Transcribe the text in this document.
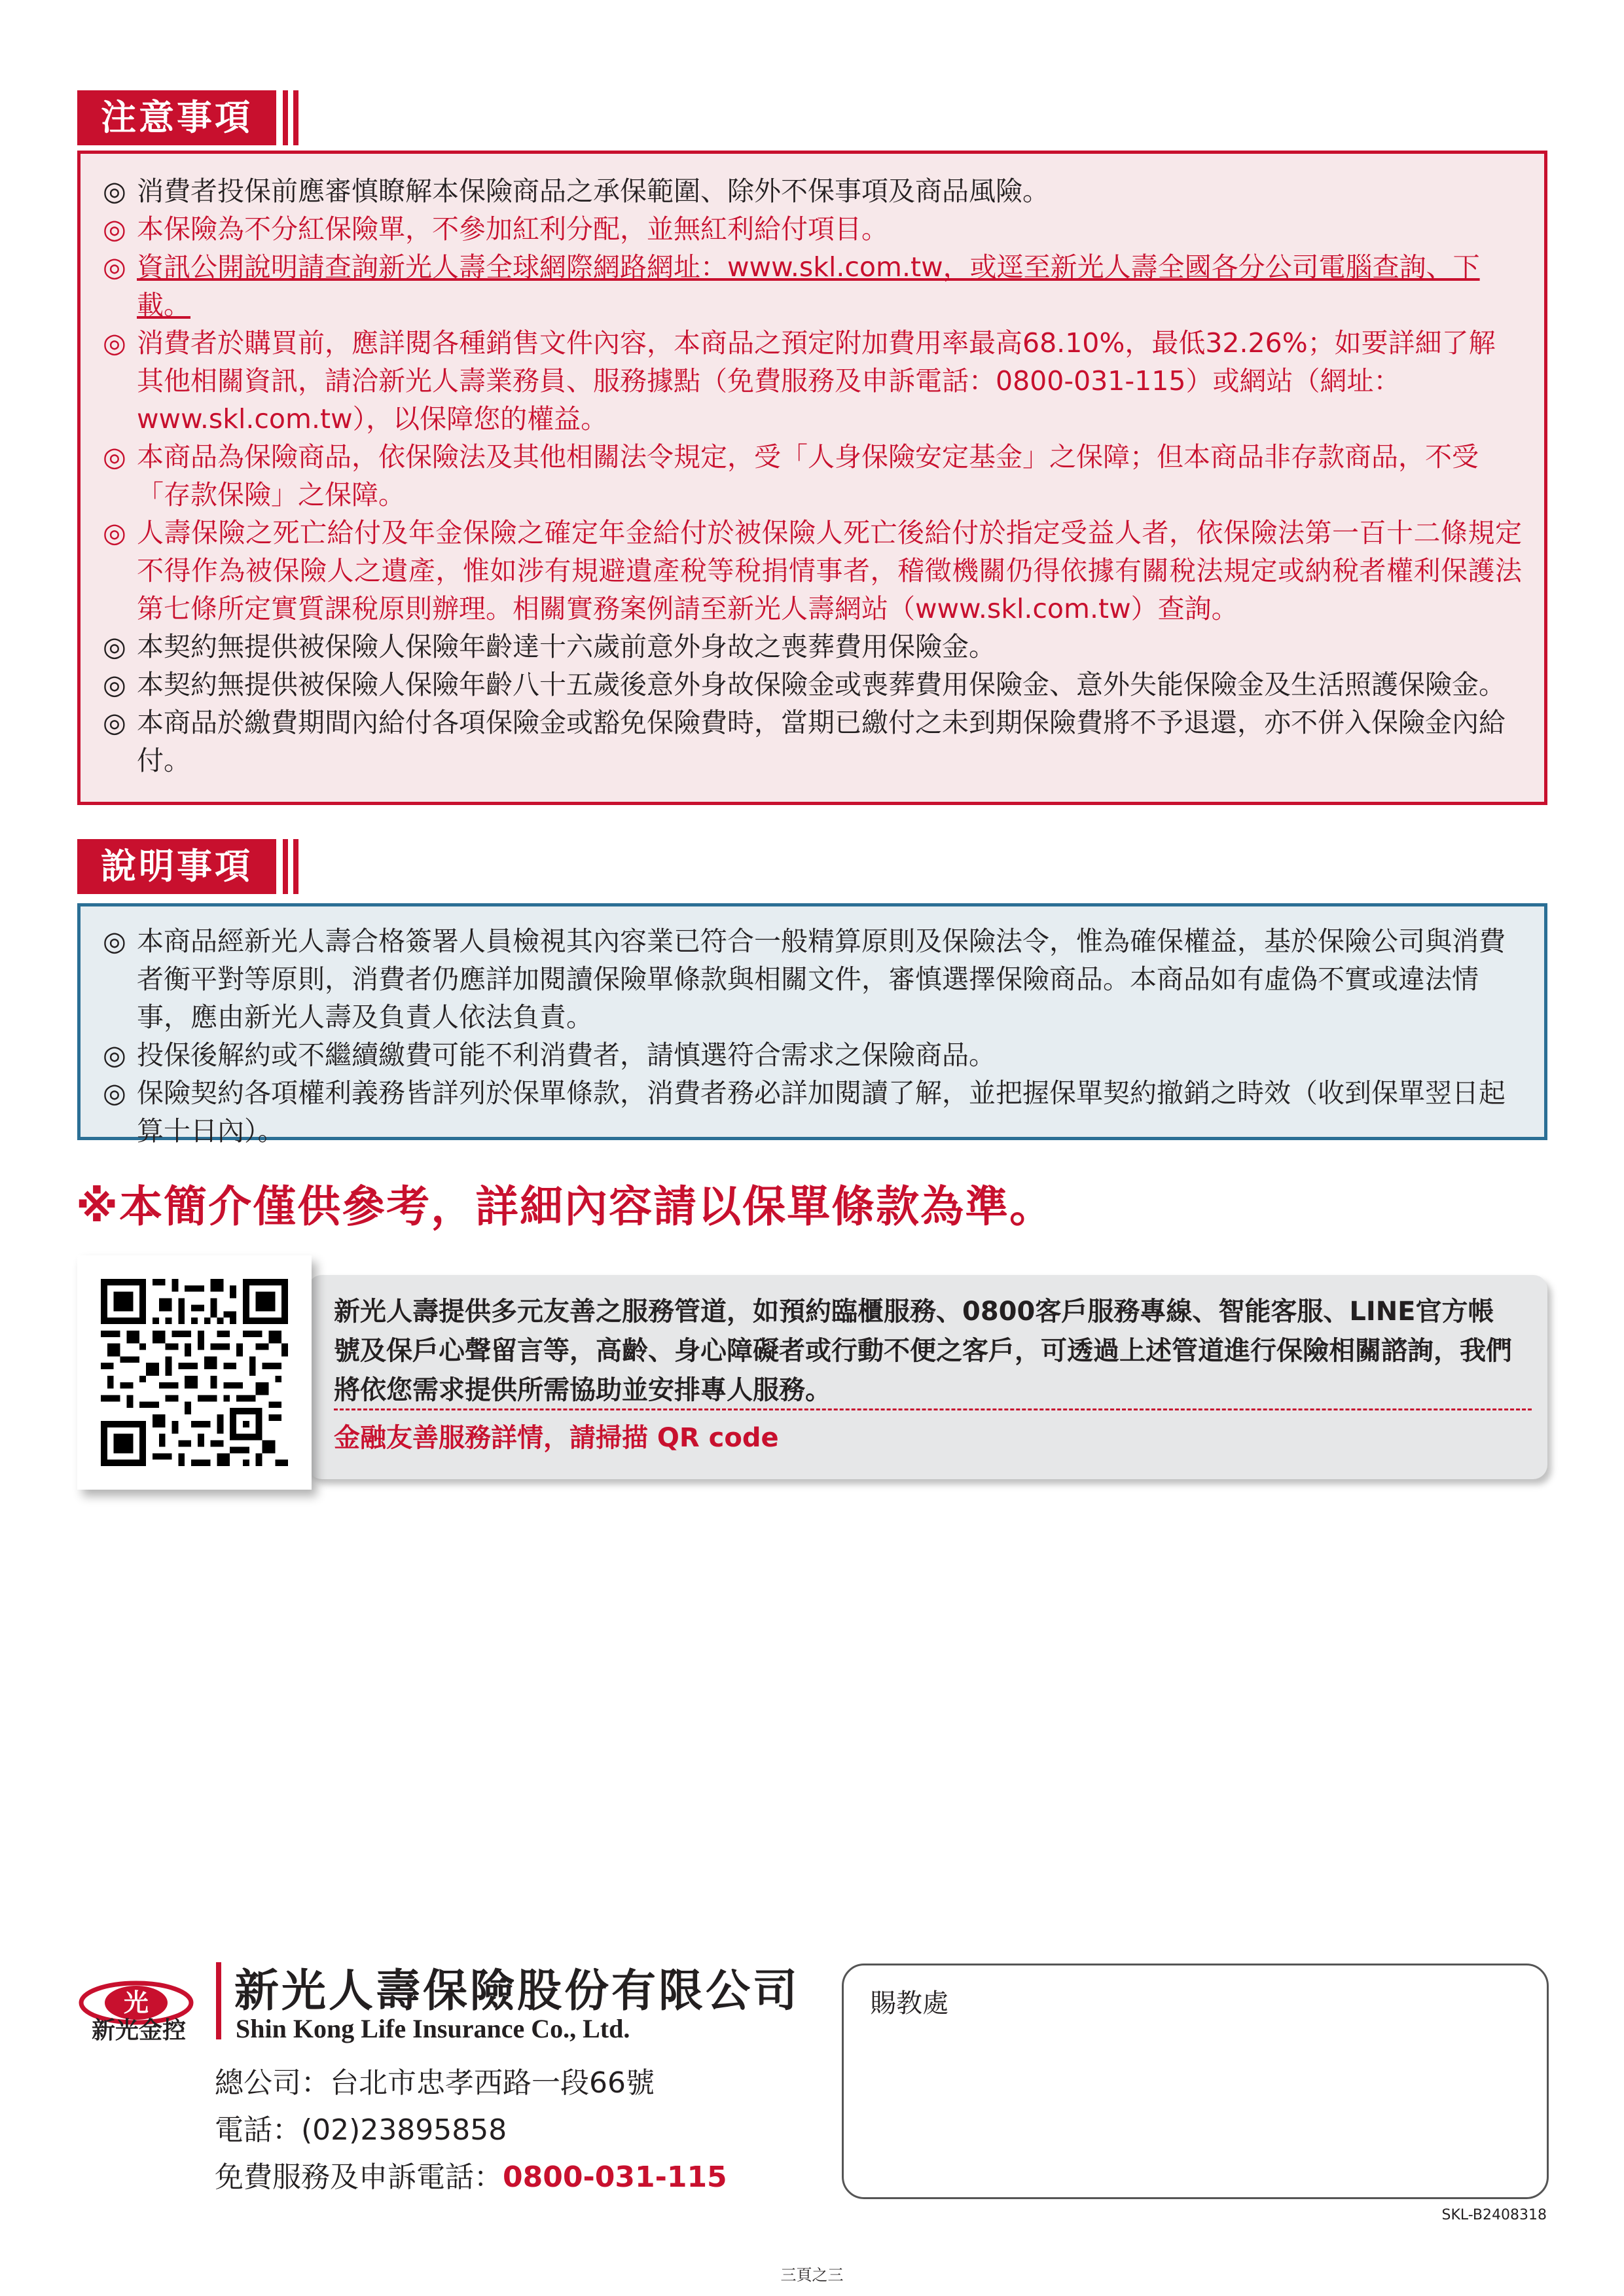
注意事項
◎ 消費者投保前應審慎瞭解本保險商品之承保範圍、除外不保事項及商品風險。
◎ 本保險為不分紅保險單，不參加紅利分配，並無紅利給付項目。
◎ 資訊公開說明請查詢新光人壽全球網際網路網址：www.skl.com.tw，或逕至新光人壽全國各分公司電腦查詢、下載。
◎ 消費者於購買前，應詳閱各種銷售文件內容，本商品之預定附加費用率最高68.10%，最低32.26%；如要詳細了解其他相關資訊，請洽新光人壽業務員、服務據點（免費服務及申訴電話：0800-031-115）或網站（網址：www.skl.com.tw），以保障您的權益。
◎ 本商品為保險商品，依保險法及其他相關法令規定，受「人身保險安定基金」之保障；但本商品非存款商品，不受「存款保險」之保障。
◎ 人壽保險之死亡給付及年金保險之確定年金給付於被保險人死亡後給付於指定受益人者，依保險法第一百十二條規定不得作為被保險人之遺產，惟如涉有規避遺產稅等稅捐情事者，稽徵機關仍得依據有關稅法規定或納稅者權利保護法第七條所定實質課稅原則辦理。相關實務案例請至新光人壽網站（www.skl.com.tw）查詢。
◎ 本契約無提供被保險人保險年齡達十六歲前意外身故之喪葬費用保險金。
◎ 本契約無提供被保險人保險年齡八十五歲後意外身故保險金或喪葬費用保險金、意外失能保險金及生活照護保險金。
◎ 本商品於繳費期間內給付各項保險金或豁免保險費時，當期已繳付之未到期保險費將不予退還，亦不併入保險金內給付。
說明事項
◎ 本商品經新光人壽合格簽署人員檢視其內容業已符合一般精算原則及保險法令，惟為確保權益，基於保險公司與消費者衡平對等原則，消費者仍應詳加閱讀保險單條款與相關文件，審慎選擇保險商品。本商品如有虛偽不實或違法情事，應由新光人壽及負責人依法負責。
◎ 投保後解約或不繼續繳費可能不利消費者，請慎選符合需求之保險商品。
◎ 保險契約各項權利義務皆詳列於保單條款，消費者務必詳加閱讀了解，並把握保單契約撤銷之時效（收到保單翌日起算十日內）。
※本簡介僅供參考，詳細內容請以保單條款為準。
新光人壽提供多元友善之服務管道，如預約臨櫃服務、0800客戶服務專線、智能客服、LINE官方帳號及保戶心聲留言等，高齡、身心障礙者或行動不便之客戶，可透過上述管道進行保險相關諮詢，我們將依您需求提供所需協助並安排專人服務。
金融友善服務詳情，請掃描 QR code
光
新光金控
新光人壽保險股份有限公司
Shin Kong Life Insurance Co., Ltd.
總公司：台北市忠孝西路一段66號
電話：(02)23895858
免費服務及申訴電話：0800-031-115
賜教處
SKL-B2408318
三頁之三
